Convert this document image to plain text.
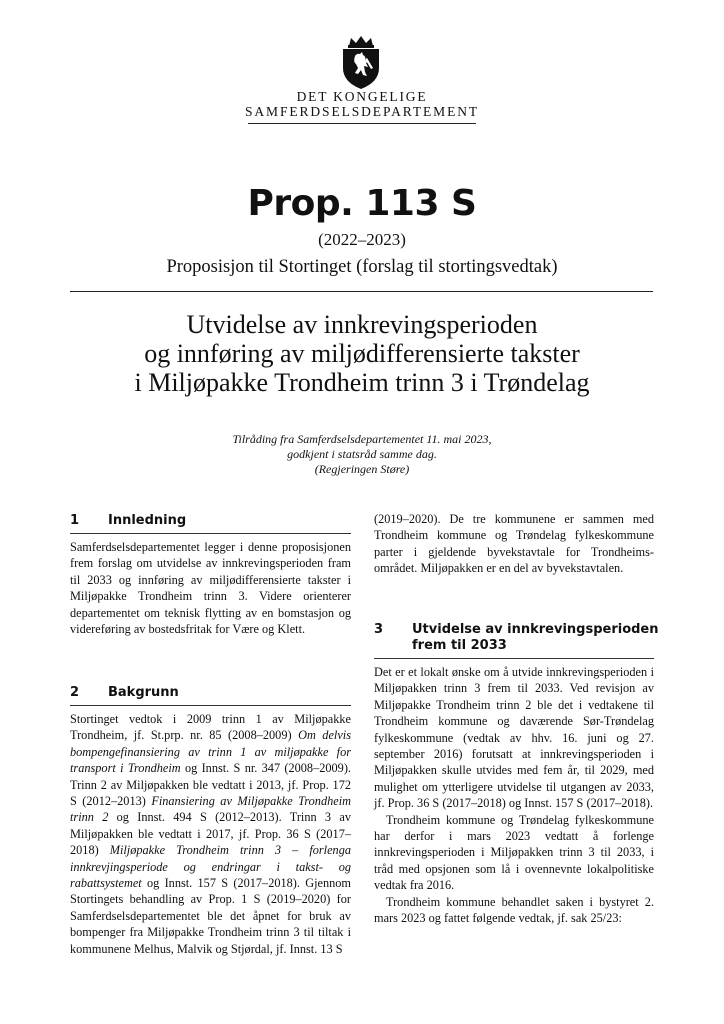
DET KONGELIGE
SAMFERDSELSDEPARTEMENT
Prop. 113 S
(2022–2023)
Proposisjon til Stortinget (forslag til stortingsvedtak)
Utvidelse av innkrevingsperioden
og innføring av miljødifferensierte takster
i Miljøpakke Trondheim trinn 3 i Trøndelag
Tilråding fra Samferdselsdepartementet 11. mai 2023,
godkjent i statsråd samme dag.
(Regjeringen Støre)
1 Innledning

Samferdselsdepartementet legger i denne proposisjonen frem forslag om utvidelse av innkrevingsperioden fram til 2033 og innføring av miljødifferensierte takster i Miljøpakke Trondheim trinn 3. Videre orienterer departementet om teknisk flytting av en bomstasjon og videreføring av bostedsfritak for Være og Klett.

2 Bakgrunn

Stortinget vedtok i 2009 trinn 1 av Miljøpakke Trondheim, jf. St.prp. nr. 85 (2008–2009) Om delvis bompengefinansiering av trinn 1 av miljøpakke for transport i Trondheim og Innst. S nr. 347 (2008–2009). Trinn 2 av Miljøpakken ble vedtatt i 2013, jf. Prop. 172 S (2012–2013) Finansiering av Miljøpakke Trondheim trinn 2 og Innst. 494 S (2012–2013). Trinn 3 av Miljøpakken ble vedtatt i 2017, jf. Prop. 36 S (2017–2018) Miljøpakke Trondheim trinn 3 – forlenga innkrevjingsperiode og endringar i takst- og rabattsystemet og Innst. 157 S (2017–2018). Gjennom Stortingets behandling av Prop. 1 S (2019–2020) for Samferdselsdepartementet ble det åpnet for bruk av bompenger fra Miljøpakke Trondheim trinn 3 til tiltak i kommunene Melhus, Malvik og Stjørdal, jf. Innst. 13 S

3 Utvidelse av innkrevingsperioden
frem til 2033

Det er et lokalt ønske om å utvide innkrevingsperioden i Miljøpakken trinn 3 frem til 2033. Ved revisjon av Miljøpakke Trondheim trinn 2 ble det i vedtakene til Trondheim kommune og daværende Sør-Trøndelag fylkeskommune (vedtak av hhv. 16. juni og 27. september 2016) forutsatt at innkrevingsperioden i Miljøpakken skulle utvides med fem år, til 2029, med mulighet om ytterligere utvidelse til utgangen av 2033, jf. Prop. 36 S (2017–2018) og Innst. 157 S (2017–2018).

Trondheim kommune og Trøndelag fylkeskommune har derfor i mars 2023 vedtatt å forlenge innkrevingsperioden i Miljøpakken trinn 3 til 2033, i tråd med opsjonen som lå i ovennevnte lokalpolitiske vedtak fra 2016.

Trondheim kommune behandlet saken i bystyret 2. mars 2023 og fattet følgende vedtak, jf. sak 25/23:

(2019–2020). De tre kommunene er sammen med Trondheim kommune og Trøndelag fylkeskommune parter i gjeldende byvekstavtale for Trondheims-området. Miljøpakken er en del av byvekstavtalen.
